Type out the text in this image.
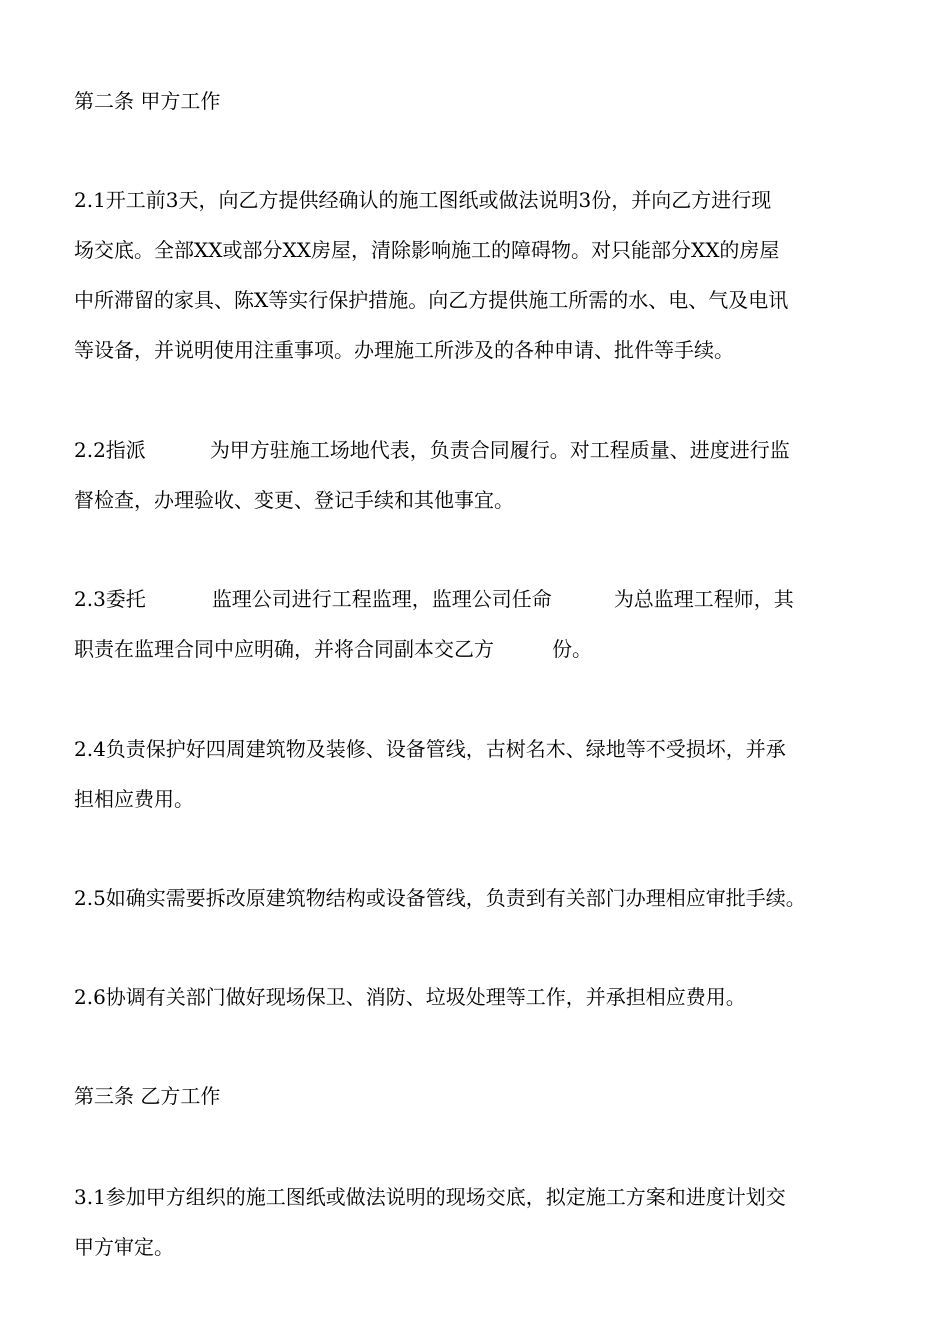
第二条 甲方工作
2.1开工前3天，向乙方提供经确认的施工图纸或做法说明3份，并向乙方进行现
场交底。全部XX或部分XX房屋，清除影响施工的障碍物。对只能部分XX的房屋
中所滞留的家具、陈X等实行保护措施。向乙方提供施工所需的水、电、气及电讯
等设备，并说明使用注重事项。办理施工所涉及的各种申请、批件等手续。
2.2指派	为甲方驻施工场地代表，负责合同履行。对工程质量、进度进行监
督检查，办理验收、变更、登记手续和其他事宜。
2.3委托	监理公司进行工程监理，监理公司任命	为总监理工程师，其
职责在监理合同中应明确，并将合同副本交乙方	份。
2.4负责保护好四周建筑物及装修、设备管线，古树名木、绿地等不受损坏，并承
担相应费用。
2.5如确实需要拆改原建筑物结构或设备管线，负责到有关部门办理相应审批手续。
2.6协调有关部门做好现场保卫、消防、垃圾处理等工作，并承担相应费用。
第三条 乙方工作
3.1参加甲方组织的施工图纸或做法说明的现场交底，拟定施工方案和进度计划交
甲方审定。
